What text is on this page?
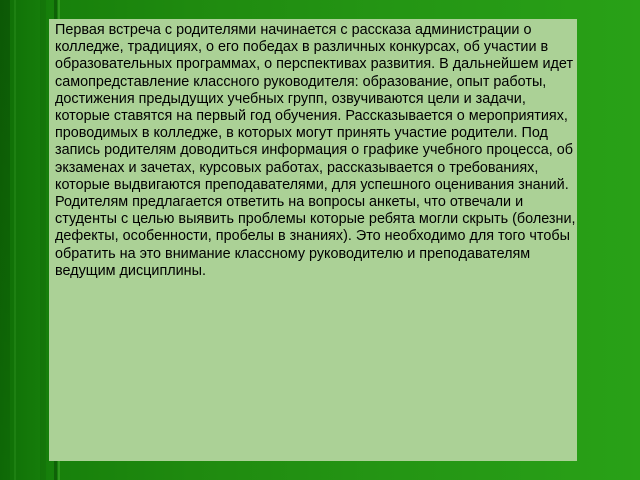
Первая встреча с родителями начинается с рассказа администрации о колледже, традициях, о его победах в различных конкурсах, об участии в образовательных программах, о перспективах развития. В дальнейшем идет самопредставление классного руководителя: образование, опыт работы, достижения предыдущих учебных групп, озвучиваются цели и задачи, которые ставятся на первый год обучения. Рассказывается о мероприятиях, проводимых в колледже, в которых могут принять участие родители. Под запись родителям доводиться информация о графике учебного процесса, об экзаменах и зачетах, курсовых работах, рассказывается о требованиях, которые выдвигаются преподавателями, для успешного оценивания знаний. Родителям предлагается ответить на вопросы анкеты, что отвечали и студенты с целью выявить проблемы которые ребята могли скрыть (болезни, дефекты, особенности, пробелы в знаниях). Это необходимо для того чтобы обратить на это внимание классному руководителю и преподавателям ведущим дисциплины.
